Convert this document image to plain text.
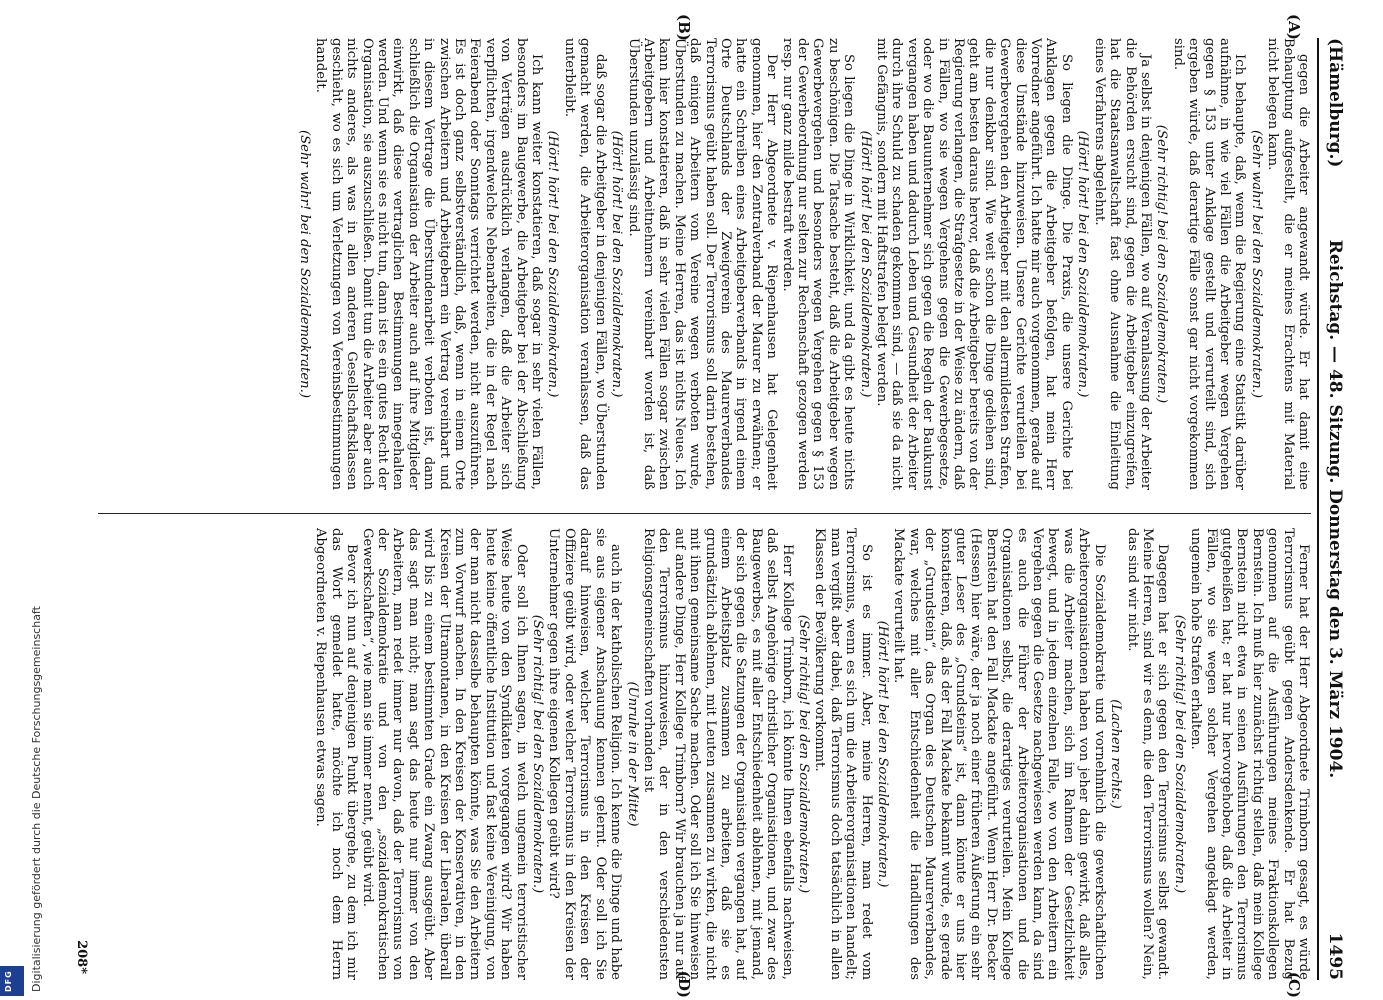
Digitalisierung gefördert durch die Deutsche Forschungsgemeinschaft
DFG
(Hämelburg.)
Reichstag. — 48. Sitzung. Donnerstag den 3. März 1904.
1495

gegen die Arbeiter angewandt würde. Er hat damit eine Behauptung aufgestellt, die er meines Erachtens mit Material nicht belegen kann.

(Sehr wahr! bei den Sozialdemokraten.)

Ich behaupte, daß, wenn die Regierung eine Statistik darüber aufnähme, in wie viel Fällen die Arbeitgeber wegen Vergehen gegen § 153 unter Anklage gestellt und verurteilt sind, sich ergeben würde, daß derartige Fälle sonst gar nicht vorgekommen sind.

(Sehr richtig! bei den Sozialdemokraten.)

Ja selbst in denjenigen Fällen, wo auf Veranlassung der Arbeiter die Behörden ersucht sind, gegen die Arbeitgeber einzugreifen, hat die Staatsanwaltschaft fast ohne Ausnahme die Einleitung eines Verfahrens abgelehnt.

(Hört! hört! bei den Sozialdemokraten.)

So liegen die Dinge. Die Praxis, die unsere Gerichte bei Anklagen gegen die Arbeitgeber befolgen, hat mein Herr Vorredner angeführt. Ich hatte mir auch vorgenommen, gerade auf diese Umstände hinzuweisen. Unsere Gerichte verurteilen bei Gewerbevergehen den Arbeitgeber mit den allermildesten Strafen, die nur denkbar sind. Wie weit schon die Dinge gediehen sind, geht am besten daraus hervor, daß die Arbeitgeber bereits von der Regierung verlangen, die Strafgesetze in der Weise zu ändern, daß in Fällen, wo sie wegen Vergehens gegen die Gewerbegesetze, oder wo die Bauunternehmer sich gegen die Regeln der Baukunst vergangen haben und dadurch Leben und Gesundheit der Arbeiter durch ihre Schuld zu schaden gekommen sind, — daß sie da nicht mit Gefängnis, sondern mit Haftstrafen belegt werden.

(Hört! hört! bei den Sozialdemokraten.)

So liegen die Dinge in Wirklichkeit, und da gibt es heute nichts zu beschönigen. Die Tatsache besteht, daß die Arbeitgeber wegen Gewerbevergehen und besonders wegen Vergehen gegen § 153 der Gewerbeordnung nur selten zur Rechenschaft gezogen werden resp. nur ganz milde bestraft werden.

Der Herr Abgeordnete v. Riepenhausen hat Gelegenheit genommen, hier den Zentralverband der Maurer zu erwähnen; er hatte ein Schreiben eines Arbeitgeberverbands in irgend einem Orte Deutschlands der Zweigverein des Maurerverbandes Terrorismus geübt haben soll. Der Terrorismus soll darin bestehen, daß einigen Arbeitern vom Vereine wegen verboten wurde, Überstunden zu machen. Meine Herren, das ist nichts Neues. Ich kann hier konstatieren, daß in sehr vielen Fällen sogar zwischen Arbeitgebern und Arbeitnehmern vereinbart worden ist, daß Überstunden unzulässig sind.

(Hört! hört! bei den Sozialdemokraten.)

daß sogar die Arbeitgeber in denjenigen Fällen, wo Überstunden gemacht werden, die Arbeiterorganisation veranlassen, daß das unterbleibt.

(Hört! hört! bei den Sozialdemokraten.)

Ich kann weiter konstatieren, daß sogar in sehr vielen Fällen, besonders im Baugewerbe, die Arbeitgeber bei der Abschließung von Verträgen ausdrücklich verlangen, daß die Arbeiter sich verpflichten, irgendwelche Nebenarbeiten, die in der Regel nach Feierabend oder Sonntags verrichtet werden, nicht auszuführen. Es ist doch ganz selbstverständlich, daß, wenn in einem Orte zwischen Arbeitern und Arbeitgebern ein Vertrag vereinbart und in diesem Vertrage die Überstundenarbeit verboten ist, dann schließlich die Organisation der Arbeiter auch auf ihre Mitglieder einwirkt, daß diese vertraglichen Bestimmungen innegehalten werden. Und wenn sie es nicht tun, dann ist es ein gutes Recht der Organisation, sie auszuschließen. Damit tun die Arbeiter aber auch nichts anderes, als was in allen anderen Gesellschaftsklassen geschieht, wo es sich um Verletzungen von Vereinsbestimmungen handelt.

(Sehr wahr! bei den Sozialdemokraten.)

Ferner hat der Herr Abgeordnete Trimborn gesagt, es würde Terrorismus geübt gegen Andersdenkende. Er hat Bezug genommen auf die Ausführungen meines Fraktionskollegen Bernstein. Ich muß hier zunächst richtig stellen, daß mein Kollege Bernstein nicht etwa in seinen Ausführungen den Terrorismus gutgeheißen hat; er hat nur hervorgehoben, daß die Arbeiter in Fällen, wo sie wegen solcher Vergehen angeklagt werden, ungemein hohe Strafen erhalten.

(Sehr richtig! bei den Sozialdemokraten.)

Dagegen hat er sich gegen den Terrorismus selbst gewandt. Meine Herren, sind wir es denn, die den Terrorismus wollen? Nein, das sind wir nicht.

(Lachen rechts.)

Die Sozialdemokratie und vornehmlich die gewerkschaftlichen Arbeiterorganisationen haben von jeher dahin gewirkt, daß alles, was die Arbeiter machen, sich im Rahmen der Gesetzlichkeit bewegt, und in jedem einzelnen Falle, wo von den Arbeitern ein Vergehen gegen die Gesetze nachgewiesen werden kann, da sind es auch die Führer der Arbeiterorganisationen und die Organisationen selbst, die derartiges verurteilen. Mein Kollege Bernstein hat den Fall Mackate angeführt. Wenn Herr Dr. Becker (Hessen) hier wäre, der ja noch einer früheren Äußerung ein sehr guter Leser des „Grundsteins“ ist, dann könnte er uns hier konstatieren, daß, als der Fall Mackate bekannt wurde, es gerade der „Grundstein“, das Organ des Deutschen Maurerverbandes, war, welches mit aller Entschiedenheit die Handlungen des Mackate verurteilt hat.

(Hört! hört! bei den Sozialdemokraten.)

So ist es immer. Aber, meine Herren, man redet vom Terrorismus, wenn es sich um die Arbeiterorganisationen handelt; man vergißt aber dabei, daß Terrorismus doch tatsächlich in allen Klassen der Bevölkerung vorkommt.

(Sehr richtig! bei den Sozialdemokraten.)

Herr Kollege Trimborn, ich könnte Ihnen ebenfalls nachweisen, daß selbst Angehörige christlicher Organisationen, und zwar des Baugewerbes, es mit aller Entschiedenheit ablehnen, mit jemand, der sich gegen die Satzungen der Organisation vergangen hat, auf einem Arbeitsplatz zusammen zu arbeiten, daß sie es grundsätzlich ablehnen, mit Leuten zusammen zu wirken, die nicht mit ihnen gemeinsame Sache machen. Oder soll ich Sie hinweisen auf andere Dinge, Herr Kollege Trimborn? Wir brauchen ja nur auf den Terrorismus hinzuweisen, der in den verschiedensten Religionsgemeinschaften vorhanden ist

(Unruhe in der Mitte)

auch in der katholischen Religion. Ich kenne die Dinge und habe sie aus eigener Anschauung kennen gelernt. Oder soll ich Sie darauf hinweisen, welcher Terrorismus in den Kreisen der Offiziere geübt wird, oder welcher Terrorismus in den Kreisen der Unternehmer gegen ihre eigenen Kollegen geübt wird?

(Sehr richtig! bei den Sozialdemokraten.)

Oder soll ich Ihnen sagen, in welch ungemein terroristischer Weise heute von den Syndikaten vorgegangen wird? Wir haben heute keine öffentliche Institution und fast keine Vereinigung, von der man nicht dasselbe behaupten könnte, was Sie den Arbeitern zum Vorwurf machen. In den Kreisen der Konservativen, in den Kreisen der Ultramontanen, in den Kreisen der Liberalen, überall wird bis zu einem bestimmten Grade ein Zwang ausgeübt. Aber das sagt man nicht; man sagt das heute nur immer von den Arbeitern, man redet immer nur davon, daß der Terrorismus von der Sozialdemokratie und von den „sozialdemokratischen Gewerkschaften“, wie man sie immer nennt, geübt wird.

Bevor ich nun auf denjenigen Punkt übergehe, zu dem ich mir das Wort gemeldet hatte, möchte ich noch dem Herrn Abgeordneten v. Riepenhausen etwas sagen.

(A)
(B)
(C)
(D)
208*
